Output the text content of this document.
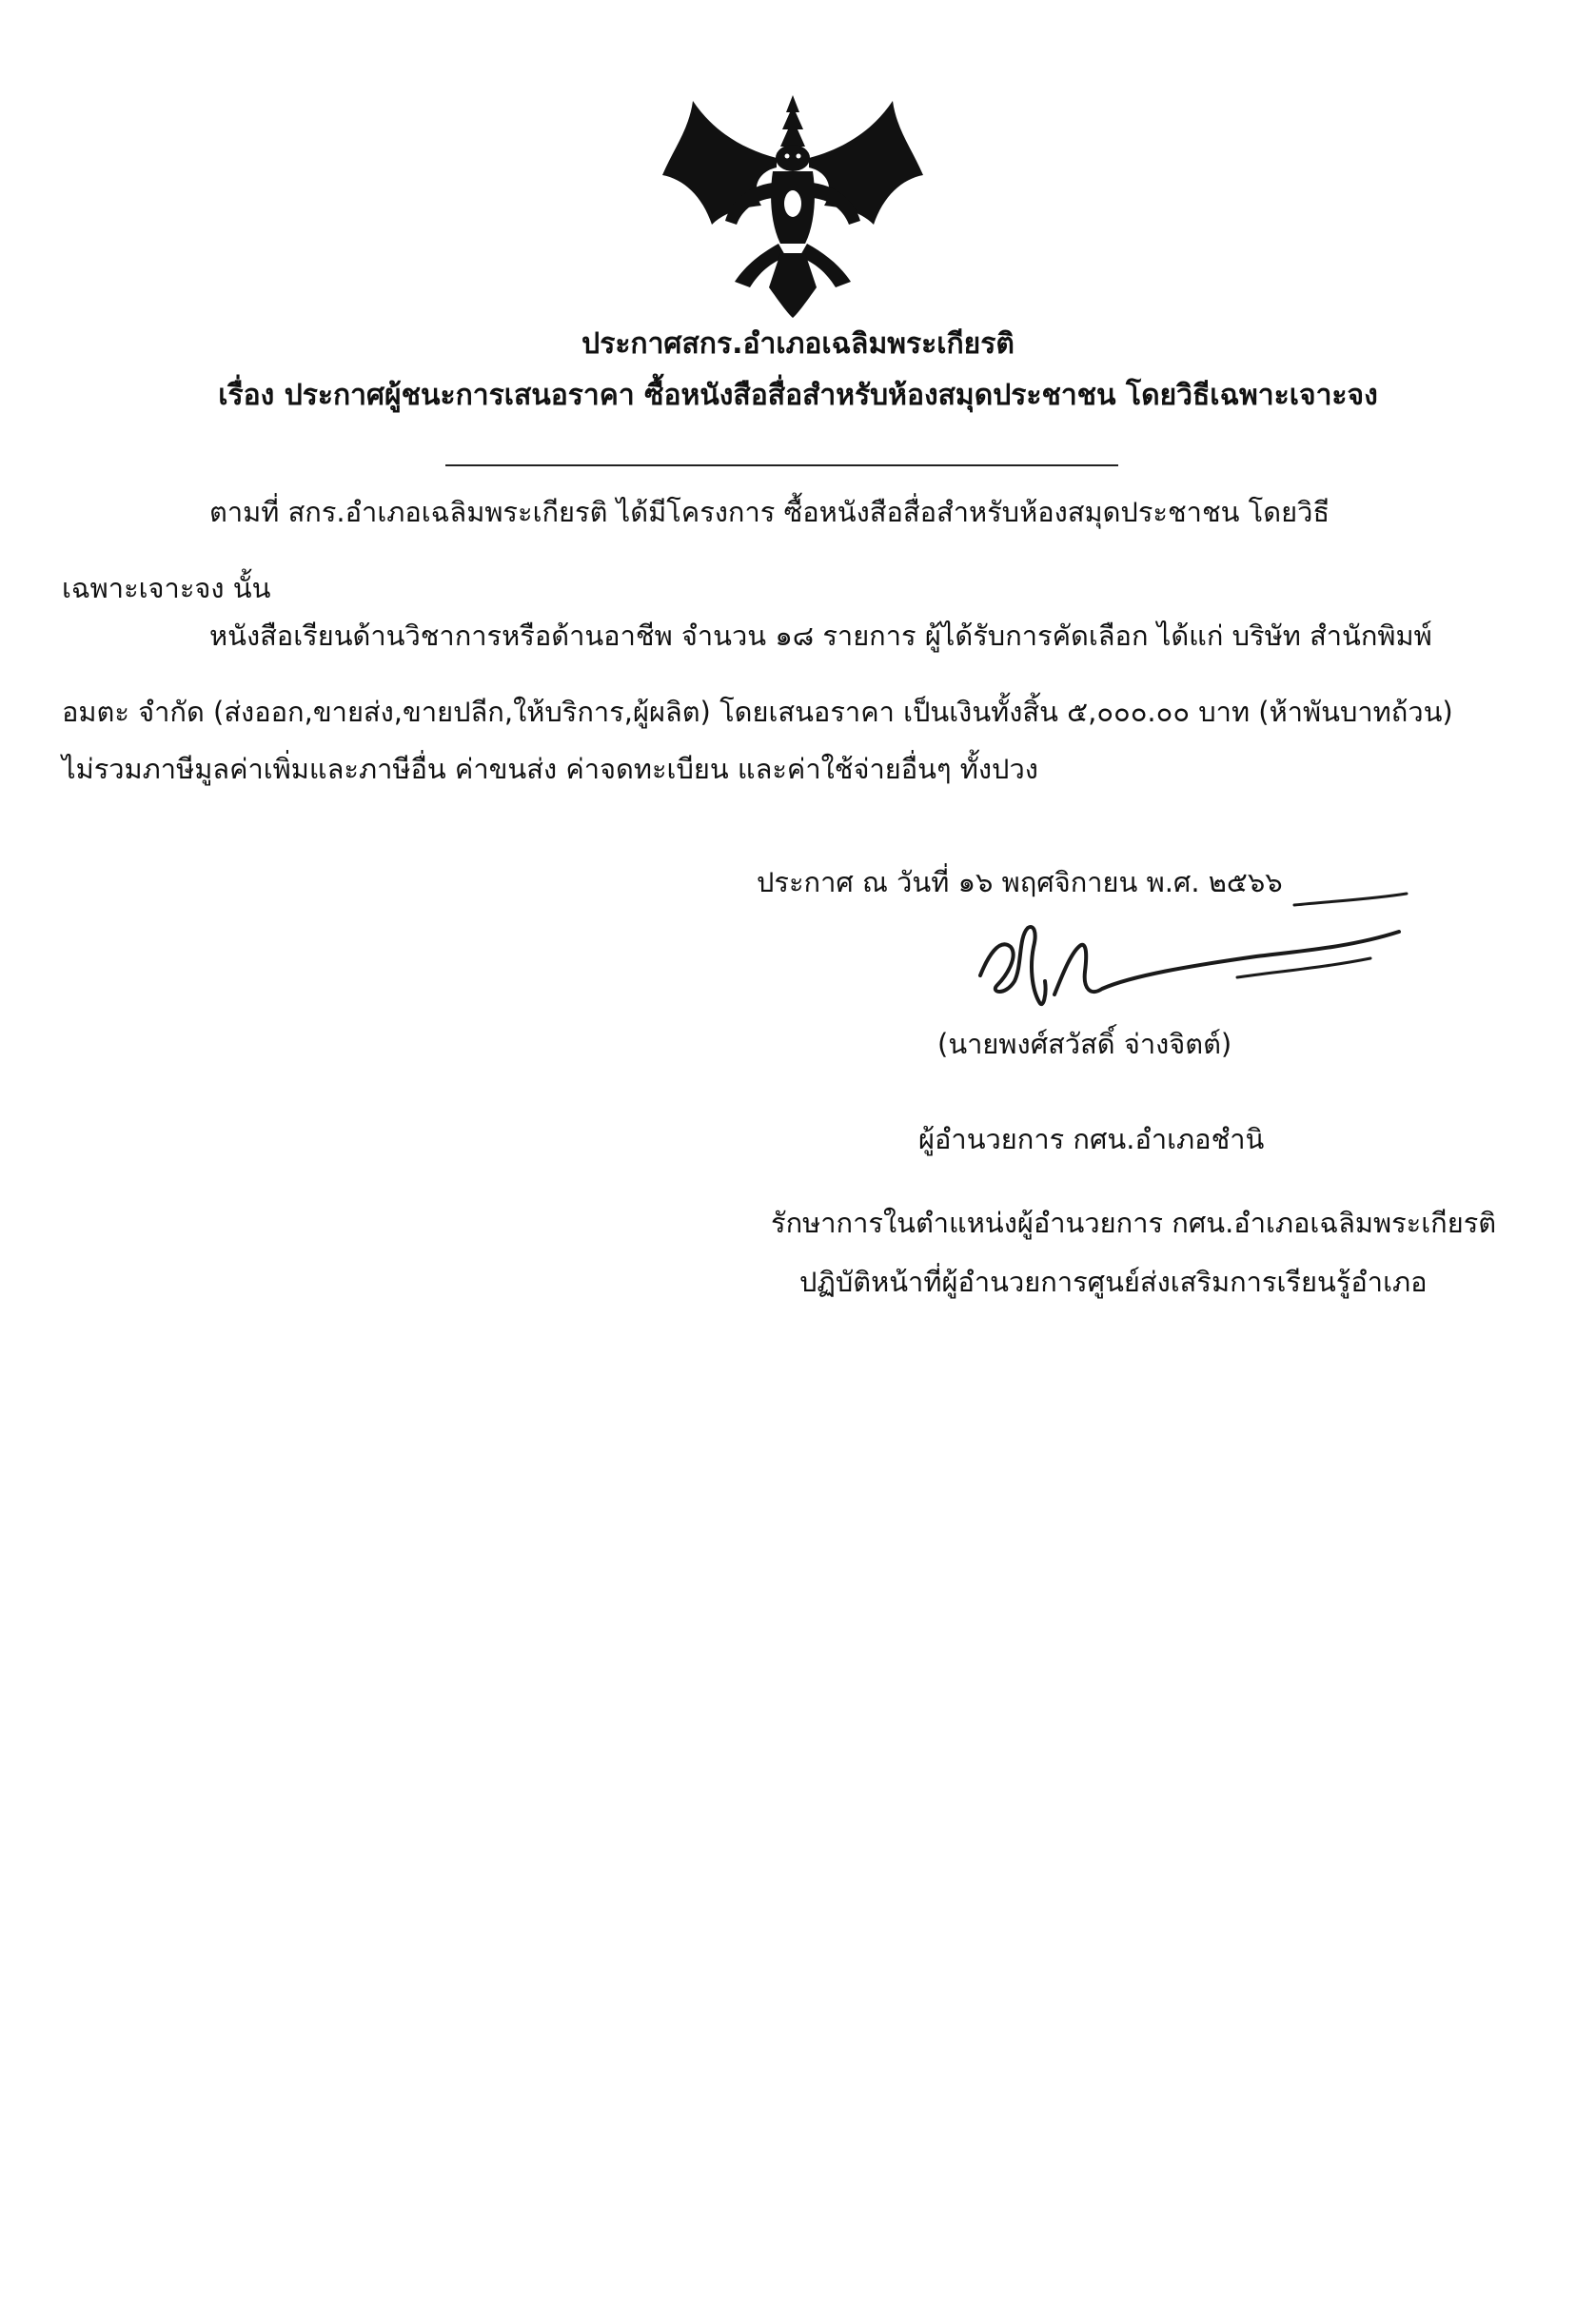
ประกาศสกร.อำเภอเฉลิมพระเกียรติ
เรื่อง ประกาศผู้ชนะการเสนอราคา ซื้อหนังสือสื่อสำหรับห้องสมุดประชาชน โดยวิธีเฉพาะเจาะจง
ตามที่ สกร.อำเภอเฉลิมพระเกียรติ ได้มีโครงการ ซื้อหนังสือสื่อสำหรับห้องสมุดประชาชน โดยวิธี
เฉพาะเจาะจง นั้น
หนังสือเรียนด้านวิชาการหรือด้านอาชีพ จำนวน ๑๘ รายการ ผู้ได้รับการคัดเลือก ได้แก่ บริษัท สำนักพิมพ์
อมตะ จำกัด (ส่งออก,ขายส่ง,ขายปลีก,ให้บริการ,ผู้ผลิต) โดยเสนอราคา เป็นเงินทั้งสิ้น ๕,๐๐๐.๐๐ บาท (ห้าพันบาทถ้วน)
ไม่รวมภาษีมูลค่าเพิ่มและภาษีอื่น ค่าขนส่ง ค่าจดทะเบียน และค่าใช้จ่ายอื่นๆ ทั้งปวง
ประกาศ ณ วันที่ ๑๖ พฤศจิกายน พ.ศ. ๒๕๖๖
(นายพงศ์สวัสดิ์ จ่างจิตต์)
ผู้อำนวยการ กศน.อำเภอชำนิ
รักษาการในตำแหน่งผู้อำนวยการ กศน.อำเภอเฉลิมพระเกียรติ
ปฏิบัติหน้าที่ผู้อำนวยการศูนย์ส่งเสริมการเรียนรู้อำเภอ
